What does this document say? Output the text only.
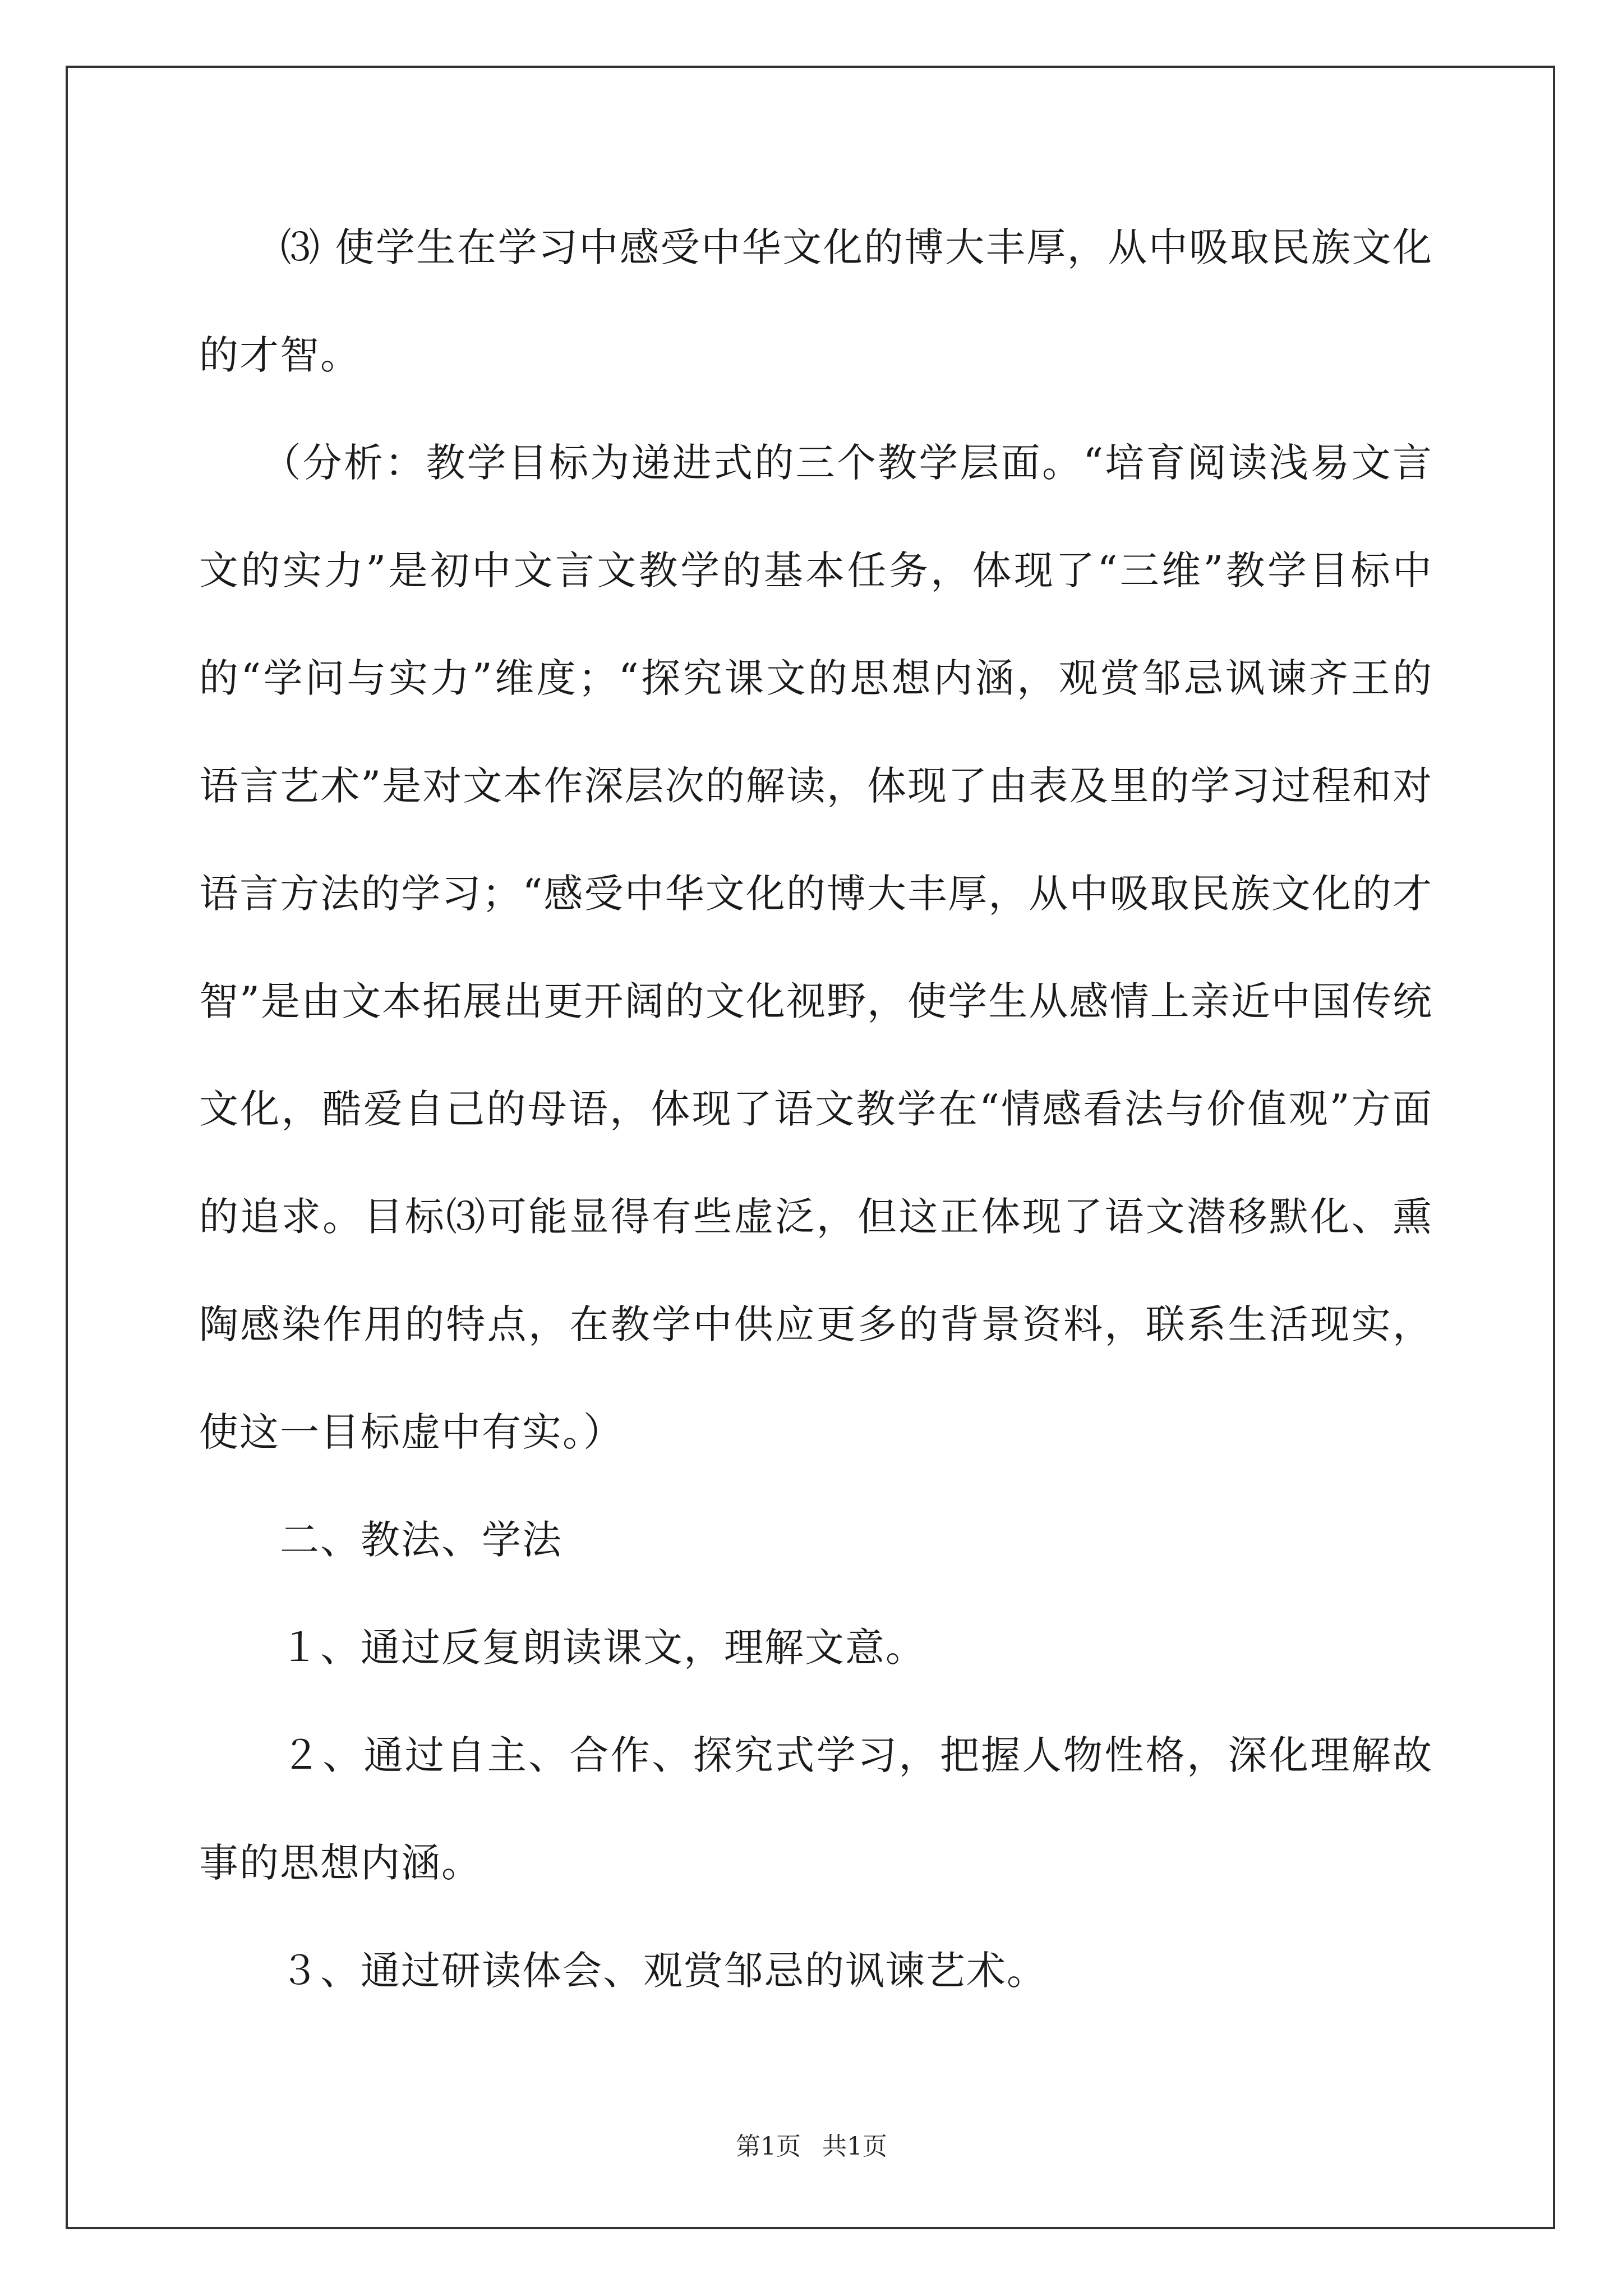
　　⑶ 使学生在学习中感受中华文化的博大丰厚，从中吸取民族文化的才智。

　　（分析：教学目标为递进式的三个教学层面。“培育阅读浅易文言文的实力”是初中文言文教学的基本任务，体现了“三维”教学目标中的“学问与实力”维度；“探究课文的思想内涵，观赏邹忌讽谏齐王的语言艺术”是对文本作深层次的解读，体现了由表及里的学习过程和对语言方法的学习；“感受中华文化的博大丰厚，从中吸取民族文化的才智”是由文本拓展出更开阔的文化视野，使学生从感情上亲近中国传统文化，酷爱自己的母语，体现了语文教学在“情感看法与价值观”方面的追求。目标⑶可能显得有些虚泛，但这正体现了语文潜移默化、熏陶感染作用的特点，在教学中供应更多的背景资料，联系生活现实，使这一目标虚中有实。）

　　二、教法、学法

　　１、通过反复朗读课文，理解文意。

　　２、通过自主、合作、探究式学习，把握人物性格，深化理解故事的思想内涵。

　　３、通过研读体会、观赏邹忌的讽谏艺术。

第1页 共1页
